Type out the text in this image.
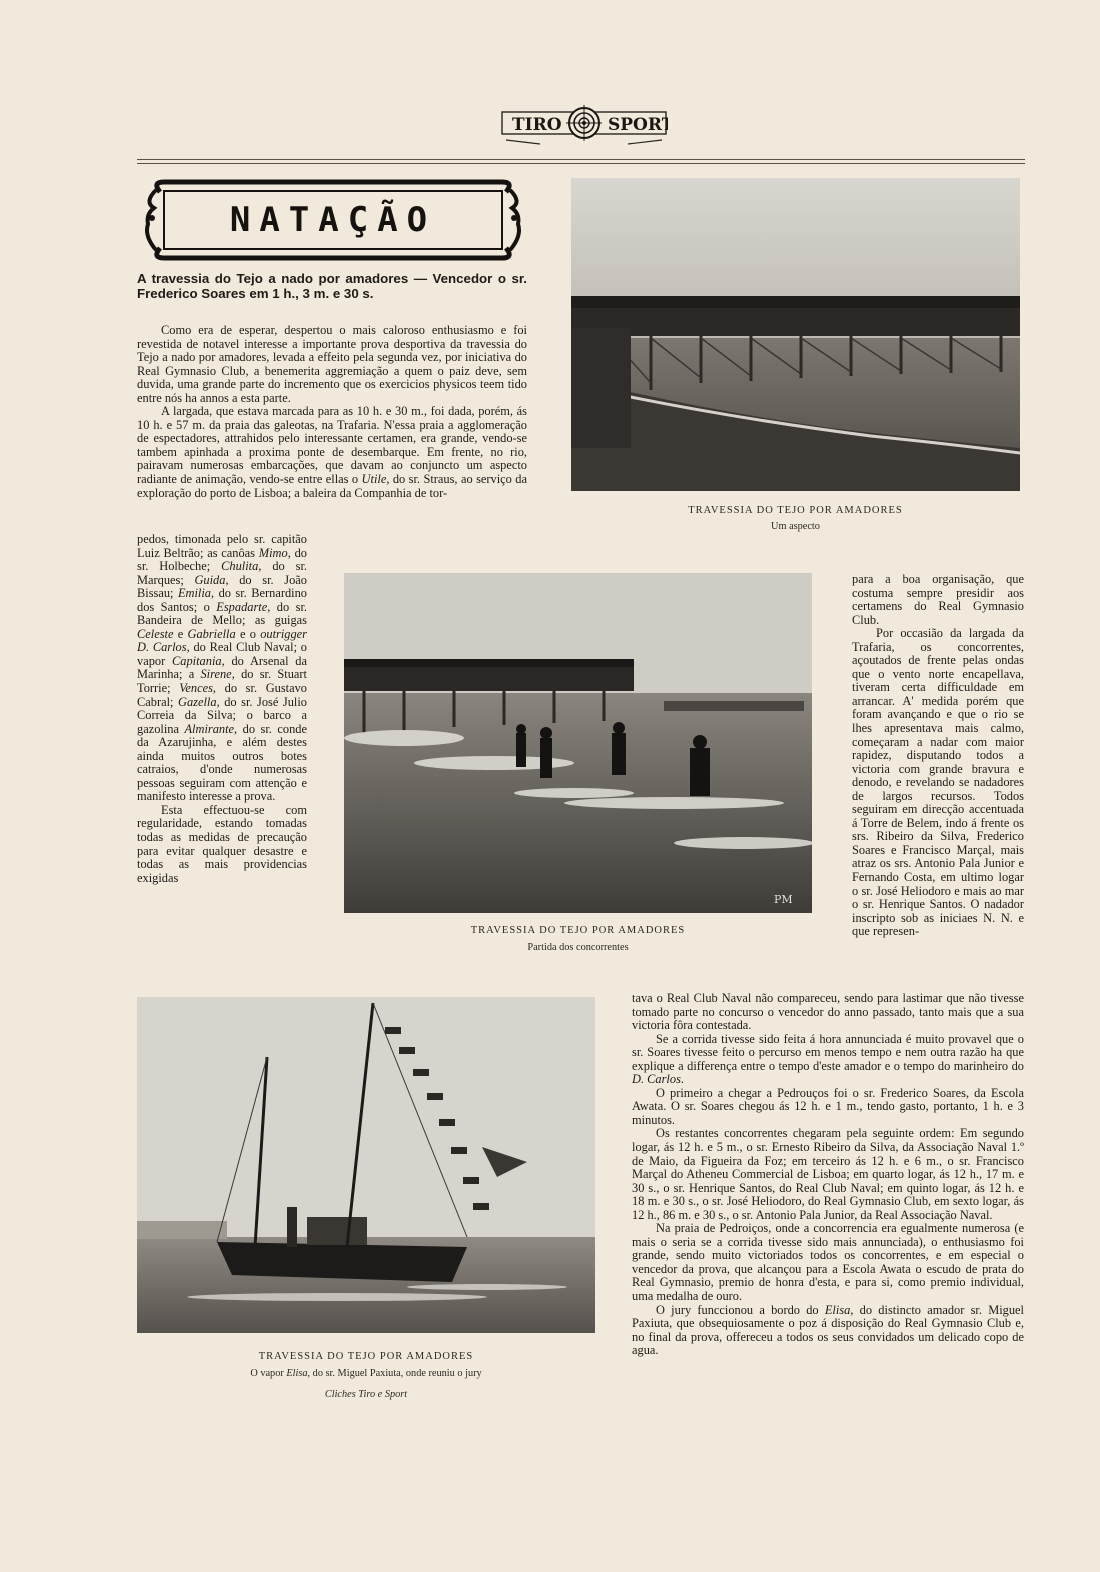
TIRO	SPORT
NATAÇÃO
A travessia do Tejo a nado por amadores — Vencedor o sr. Frederico Soares em 1 h., 3 m. e 30 s.

Como era de esperar, despertou o mais caloroso enthusiasmo e foi revestida de notavel interesse a importante prova desportiva da travessia do Tejo a nado por amadores, levada a effeito pela segunda vez, por iniciativa do Real Gymnasio Club, a benemerita aggremiação a quem o paiz deve, sem duvida, uma grande parte do incremento que os exercicios physicos teem tido entre nós ha annos a esta parte.

A largada, que estava marcada para as 10 h. e 30 m., foi dada, porém, ás 10 h. e 57 m. da praia das galeotas, na Trafaria. N'essa praia a agglomeração de espectadores, attrahidos pelo interessante certamen, era grande, vendo-se tambem apinhada a proxima ponte de desembarque. Em frente, no rio, pairavam numerosas embarcações, que davam ao conjuncto um aspecto radiante de animação, vendo-se entre ellas o Utile, do sr. Straus, ao serviço da exploração do porto de Lisboa; a baleira da Companhia de tor-

pedos, timonada pelo sr. capitão Luiz Beltrão; as canôas Mimo, do sr. Holbeche; Chulita, do sr. Marques; Guida, do sr. João Bissau; Emilia, do sr. Bernardino dos Santos; o Espadarte, do sr. Bandeira de Mello; as guigas Celeste e Gabriella e o outrigger D. Carlos, do Real Club Naval; o vapor Capitania, do Arsenal da Marinha; a Sirene, do sr. Stuart Torrie; Vences, do sr. Gustavo Cabral; Gazella, do sr. José Julio Correia da Silva; o barco a gazolina Almirante, do sr. conde da Azarujinha, e além destes ainda muitos outros botes catraios, d'onde numerosas pessoas seguiram com attenção e manifesto interesse a prova.

Esta effectuou-se com regularidade, estando tomadas todas as medidas de precaução para evitar qualquer desastre e todas as mais providencias exigidas

para a boa organisação, que costuma sempre presidir aos certamens do Real Gymnasio Club.

Por occasião da largada da Trafaria, os concorrentes, açoutados de frente pelas ondas que o vento norte encapellava, tiveram certa difficuldade em arrancar. A' medida porém que foram avançando e que o rio se lhes apresentava mais calmo, começaram a nadar com maior rapidez, disputando todos a victoria com grande bravura e denodo, e revelando se nadadores de largos recursos. Todos seguiram em direcção accentuada á Torre de Belem, indo á frente os srs. Ribeiro da Silva, Frederico Soares e Francisco Marçal, mais atraz os srs. Antonio Pala Junior e Fernando Costa, em ultimo logar o sr. José Heliodoro e mais ao mar o sr. Henrique Santos. O nadador inscripto sob as iniciaes N. N. e que represen-

tava o Real Club Naval não compareceu, sendo para lastimar que não tivesse tomado parte no concurso o vencedor do anno passado, tanto mais que a sua victoria fôra contestada.

Se a corrida tivesse sido feita á hora annunciada é muito provavel que o sr. Soares tivesse feito o percurso em menos tempo e nem outra razão ha que explique a differença entre o tempo d'este amador e o tempo do marinheiro do D. Carlos.

O primeiro a chegar a Pedrouços foi o sr. Frederico Soares, da Escola Awata. O sr. Soares chegou ás 12 h. e 1 m., tendo gasto, portanto, 1 h. e 3 minutos.

Os restantes concorrentes chegaram pela seguinte ordem: Em segundo logar, ás 12 h. e 5 m., o sr. Ernesto Ribeiro da Silva, da Associação Naval 1.º de Maio, da Figueira da Foz; em terceiro ás 12 h. e 6 m., o sr. Francisco Marçal do Atheneu Commercial de Lisboa; em quarto logar, ás 12 h., 17 m. e 30 s., o sr. Henrique Santos, do Real Club Naval; em quinto logar, ás 12 h. e 18 m. e 30 s., o sr. José Heliodoro, do Real Gymnasio Club, em sexto logar, ás 12 h., 86 m. e 30 s., o sr. Antonio Pala Junior, da Real Associação Naval.

Na praia de Pedroiços, onde a concorrencia era egualmente numerosa (e mais o seria se a corrida tivesse sido mais annunciada), o enthusiasmo foi grande, sendo muito victoriados todos os concorrentes, e em especial o vencedor da prova, que alcançou para a Escola Awata o escudo de prata do Real Gymnasio, premio de honra d'esta, e para si, como premio individual, uma medalha de ouro.

O jury funccionou a bordo do Elisa, do distincto amador sr. Miguel Paxiuta, que obsequiosamente o poz á disposição do Real Gymnasio Club e, no final da prova, offereceu a todos os seus convidados um delicado copo de agua.

TRAVESSIA DO TEJO POR AMADORES
Um aspecto
PM
TRAVESSIA DO TEJO POR AMADORES
Partida dos concorrentes
TRAVESSIA DO TEJO POR AMADORES
O vapor Elisa, do sr. Miguel Paxiuta, onde reuniu o jury
Cliches Tiro e Sport
